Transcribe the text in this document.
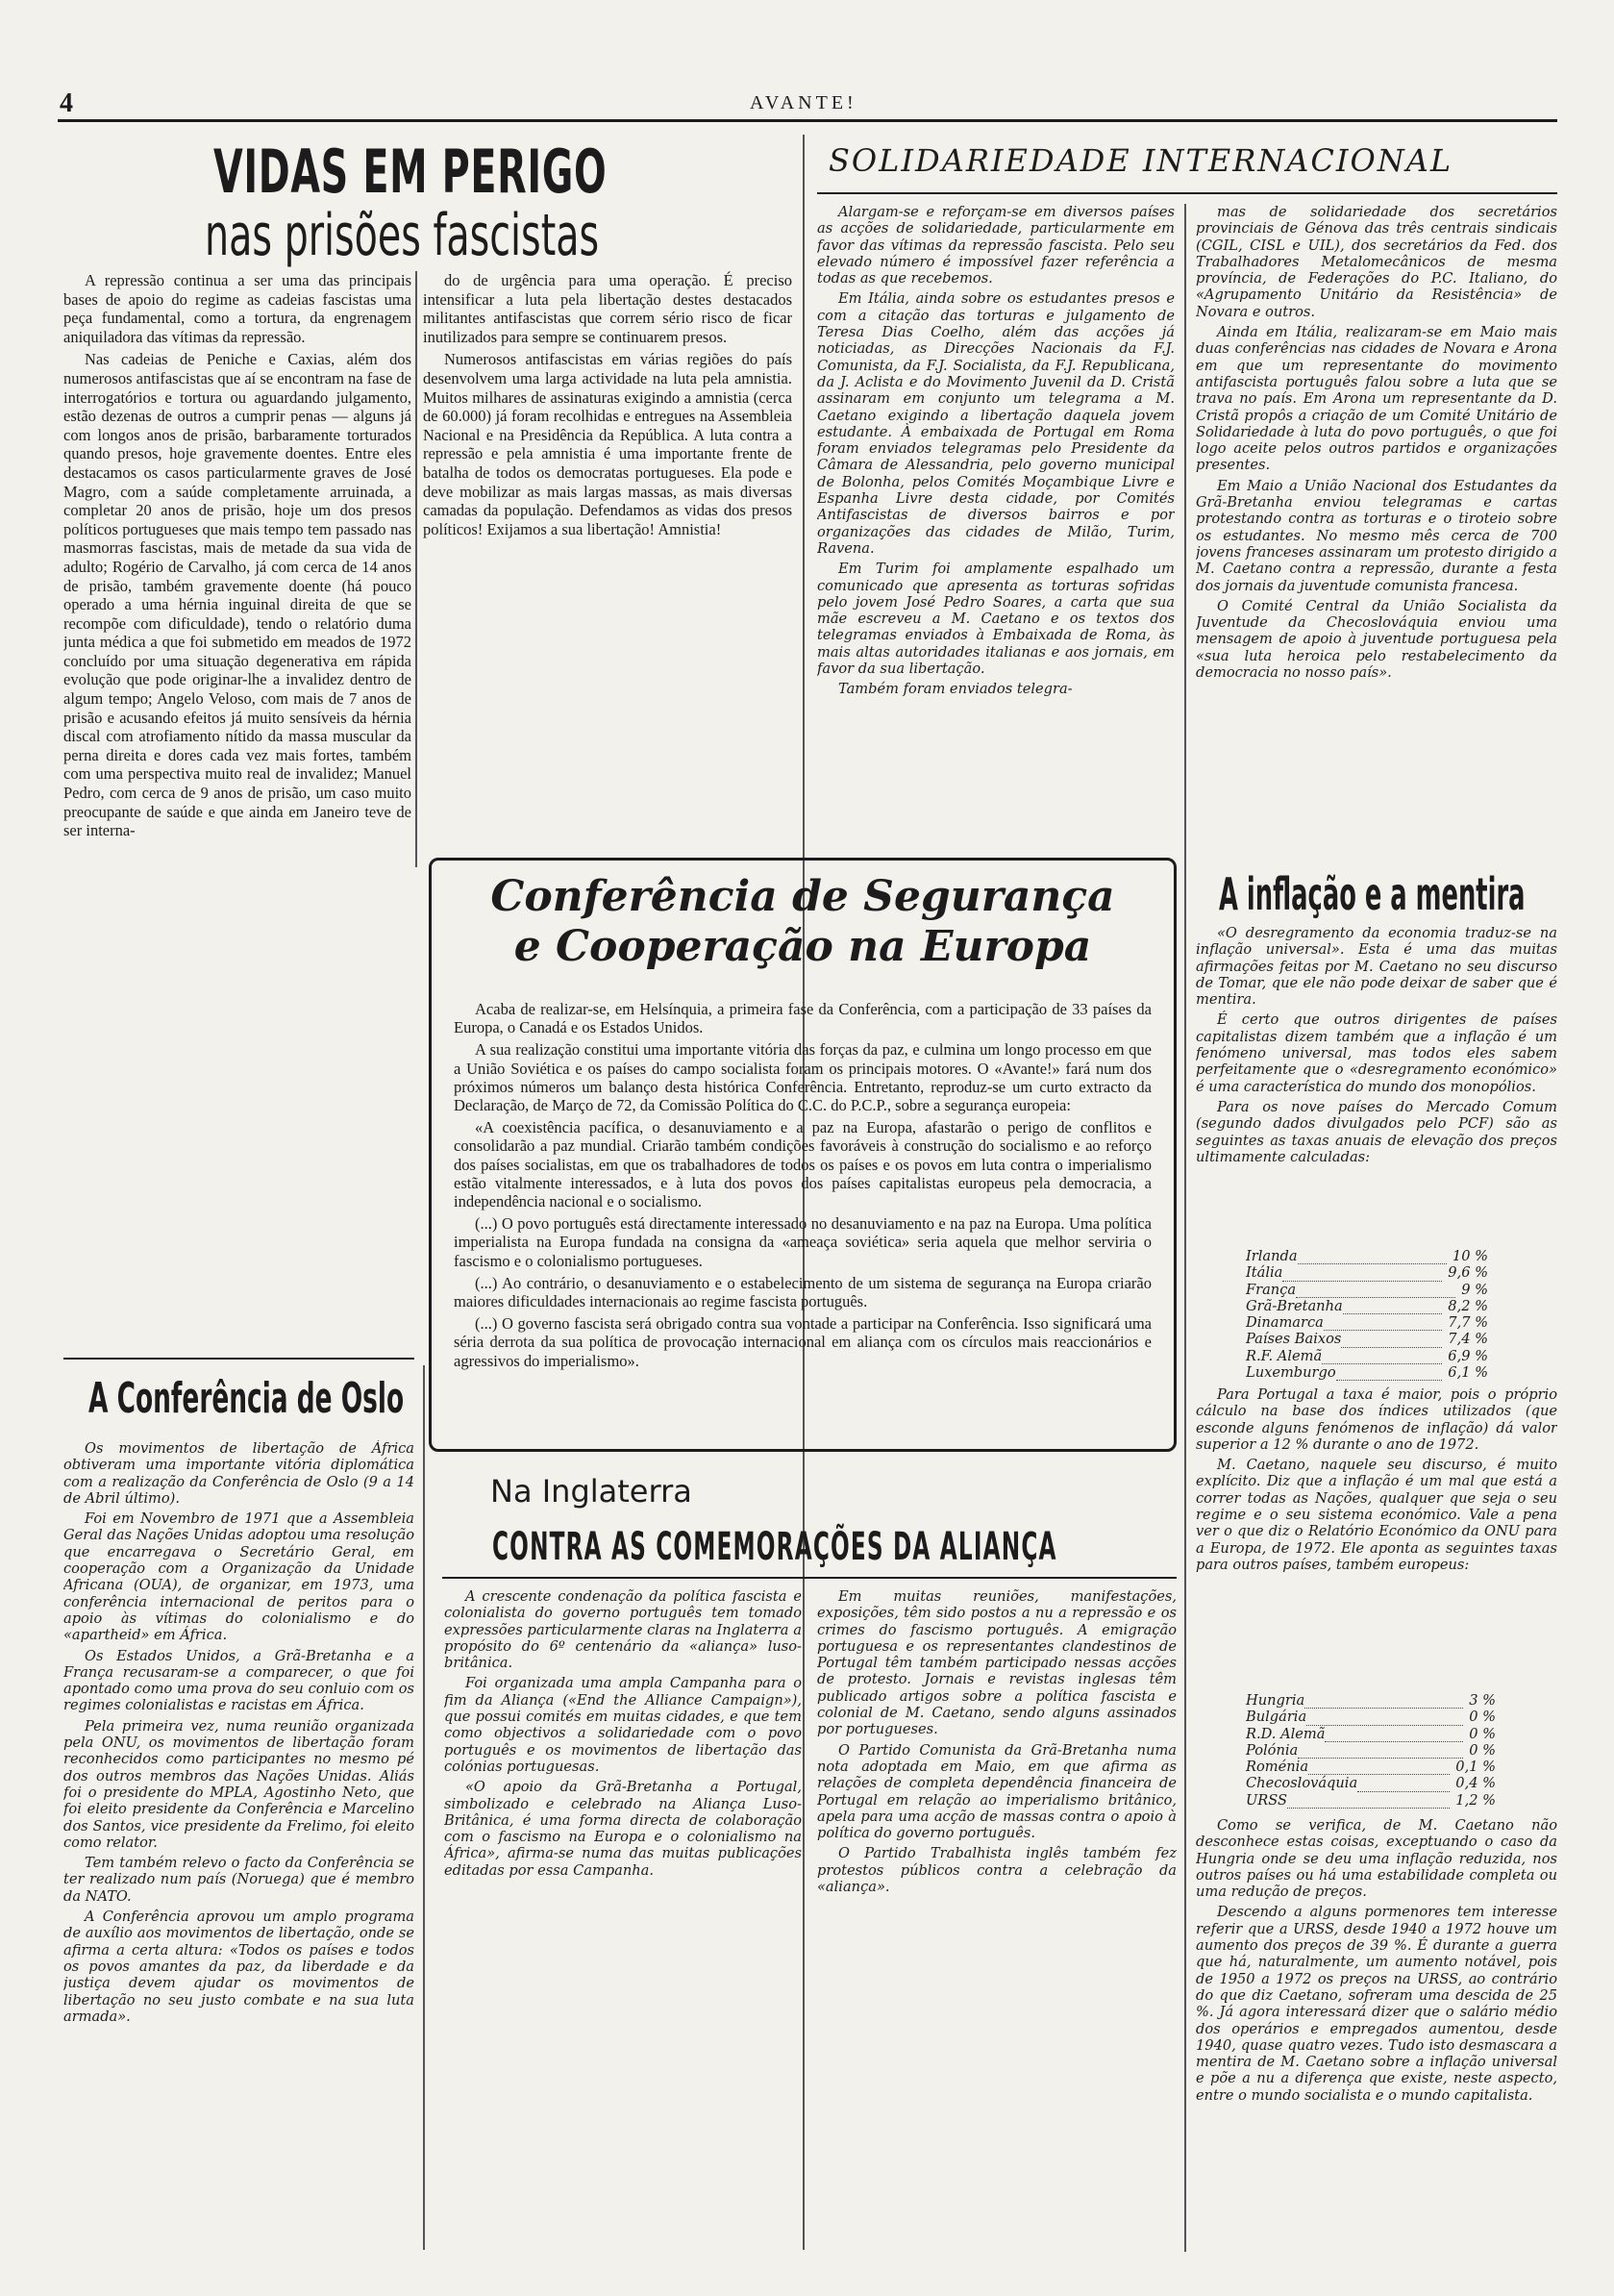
4	AVANTE!
VIDAS EM PERIGO
nas prisões fascistas

A repressão continua a ser uma das principais bases de apoio do regime as cadeias fascistas uma peça fundamental, como a tortura, da engrenagem aniquiladora das vítimas da repressão.

Nas cadeias de Peniche e Caxias, além dos numerosos antifascistas que aí se encontram na fase de interrogatórios e tortura ou aguardando julgamento, estão dezenas de outros a cumprir penas — alguns já com longos anos de prisão, barbaramente torturados quando presos, hoje gravemente doentes. Entre eles destacamos os casos particularmente graves de José Magro, com a saúde completamente arruinada, a completar 20 anos de prisão, hoje um dos presos políticos portugueses que mais tempo tem passado nas masmorras fascistas, mais de metade da sua vida de adulto; Rogério de Carvalho, já com cerca de 14 anos de prisão, também gravemente doente (há pouco operado a uma hérnia inguinal direita de que se recompõe com dificuldade), tendo o relatório duma junta médica a que foi submetido em meados de 1972 concluído por uma situação degenerativa em rápida evolução que pode originar-lhe a invalidez dentro de algum tempo; Angelo Veloso, com mais de 7 anos de prisão e acusando efeitos já muito sensíveis da hérnia discal com atrofiamento nítido da massa muscular da perna direita e dores cada vez mais fortes, também com uma perspectiva muito real de invalidez; Manuel Pedro, com cerca de 9 anos de prisão, um caso muito preocupante de saúde e que ainda em Janeiro teve de ser interna-

do de urgência para uma operação. É preciso intensificar a luta pela libertação destes destacados militantes antifascistas que correm sério risco de ficar inutilizados para sempre se continuarem presos.

Numerosos antifascistas em várias regiões do país desenvolvem uma larga actividade na luta pela amnistia. Muitos milhares de assinaturas exigindo a amnistia (cerca de 60.000) já foram recolhidas e entregues na Assembleia Nacional e na Presidência da República. A luta contra a repressão e pela amnistia é uma importante frente de batalha de todos os democratas portugueses. Ela pode e deve mobilizar as mais largas massas, as mais diversas camadas da população. Defendamos as vidas dos presos políticos! Exijamos a sua libertação! Amnistia!

A Conferência de Oslo

Os movimentos de libertação de África obtiveram uma importante vitória diplomática com a realização da Conferência de Oslo (9 a 14 de Abril último).

Foi em Novembro de 1971 que a Assembleia Geral das Nações Unidas adoptou uma resolução que encarregava o Secretário Geral, em cooperação com a Organização da Unidade Africana (OUA), de organizar, em 1973, uma conferência internacional de peritos para o apoio às vítimas do colonialismo e do «apartheid» em África.

Os Estados Unidos, a Grã-Bretanha e a França recusaram-se a comparecer, o que foi apontado como uma prova do seu conluio com os regimes colonialistas e racistas em África.

Pela primeira vez, numa reunião organizada pela ONU, os movimentos de libertação foram reconhecidos como participantes no mesmo pé dos outros membros das Nações Unidas. Aliás foi o presidente do MPLA, Agostinho Neto, que foi eleito presidente da Conferência e Marcelino dos Santos, vice presidente da Frelimo, foi eleito como relator.

Tem também relevo o facto da Conferência se ter realizado num país (Noruega) que é membro da NATO.

A Conferência aprovou um amplo programa de auxílio aos movimentos de libertação, onde se afirma a certa altura: «Todos os países e todos os povos amantes da paz, da liberdade e da justiça devem ajudar os movimentos de libertação no seu justo combate e na sua luta armada».

SOLIDARIEDADE INTERNACIONAL

Alargam-se e reforçam-se em diversos países as acções de solidariedade, particularmente em favor das vítimas da repressão fascista. Pelo seu elevado número é impossível fazer referência a todas as que recebemos.

Em Itália, ainda sobre os estudantes presos e com a citação das torturas e julgamento de Teresa Dias Coelho, além das acções já noticiadas, as Direcções Nacionais da F.J. Comunista, da F.J. Socialista, da F.J. Republicana, da J. Aclista e do Movimento Juvenil da D. Cristã assinaram em conjunto um telegrama a M. Caetano exigindo a libertação daquela jovem estudante. À embaixada de Portugal em Roma foram enviados telegramas pelo Presidente da Câmara de Alessandria, pelo governo municipal de Bolonha, pelos Comités Moçambique Livre e Espanha Livre desta cidade, por Comités Antifascistas de diversos bairros e por organizações das cidades de Milão, Turim, Ravena.

Em Turim foi amplamente espalhado um comunicado que apresenta as torturas sofridas pelo jovem José Pedro Soares, a carta que sua mãe escreveu a M. Caetano e os textos dos telegramas enviados à Embaixada de Roma, às mais altas autoridades italianas e aos jornais, em favor da sua libertação.

Também foram enviados telegra-

mas de solidariedade dos secretários provinciais de Génova das três centrais sindicais (CGIL, CISL e UIL), dos secretários da Fed. dos Trabalhadores Metalomecânicos de mesma província, de Federações do P.C. Italiano, do «Agrupamento Unitário da Resistência» de Novara e outros.

Ainda em Itália, realizaram-se em Maio mais duas conferências nas cidades de Novara e Arona em que um representante do movimento antifascista português falou sobre a luta que se trava no país. Em Arona um representante da D. Cristã propôs a criação de um Comité Unitário de Solidariedade à luta do povo português, o que foi logo aceite pelos outros partidos e organizações presentes.

Em Maio a União Nacional dos Estudantes da Grã-Bretanha enviou telegramas e cartas protestando contra as torturas e o tiroteio sobre os estudantes. No mesmo mês cerca de 700 jovens franceses assinaram um protesto dirigido a M. Caetano contra a repressão, durante a festa dos jornais da juventude comunista francesa.

O Comité Central da União Socialista da Juventude da Checoslováquia enviou uma mensagem de apoio à juventude portuguesa pela «sua luta heroica pelo restabelecimento da democracia no nosso país».

Conferência de Segurança
e Cooperação na Europa

Acaba de realizar-se, em Helsínquia, a primeira fase da Conferência, com a participação de 33 países da Europa, o Canadá e os Estados Unidos.

A sua realização constitui uma importante vitória das forças da paz, e culmina um longo processo em que a União Soviética e os países do campo socialista foram os principais motores. O «Avante!» fará num dos próximos números um balanço desta histórica Conferência. Entretanto, reproduz-se um curto extracto da Declaração, de Março de 72, da Comissão Política do C.C. do P.C.P., sobre a segurança europeia:

«A coexistência pacífica, o desanuviamento e a paz na Europa, afastarão o perigo de conflitos e consolidarão a paz mundial. Criarão também condições favoráveis à construção do socialismo e ao reforço dos países socialistas, em que os trabalhadores de todos os países e os povos em luta contra o imperialismo estão vitalmente interessados, e à luta dos povos dos países capitalistas europeus pela democracia, a independência nacional e o socialismo.

(...) O povo português está directamente interessado no desanuviamento e na paz na Europa. Uma política imperialista na Europa fundada na consigna da «ameaça soviética» seria aquela que melhor serviria o fascismo e o colonialismo portugueses.

(...) Ao contrário, o desanuviamento e o estabelecimento de um sistema de segurança na Europa criarão maiores dificuldades internacionais ao regime fascista português.

(...) O governo fascista será obrigado contra sua vontade a participar na Conferência. Isso significará uma séria derrota da sua política de provocação internacional em aliança com os círculos mais reaccionários e agressivos do imperialismo».

A inflação e a mentira

«O desregramento da economia traduz-se na inflação universal». Esta é uma das muitas afirmações feitas por M. Caetano no seu discurso de Tomar, que ele não pode deixar de saber que é mentira.

É certo que outros dirigentes de países capitalistas dizem também que a inflação é um fenómeno universal, mas todos eles sabem perfeitamente que o «desregramento económico» é uma característica do mundo dos monopólios.

Para os nove países do Mercado Comum (segundo dados divulgados pelo PCF) são as seguintes as taxas anuais de elevação dos preços ultimamente calculadas:

Irlanda	10 %
Itália	9,6 %
França	9 %
Grã-Bretanha	8,2 %
Dinamarca	7,7 %
Países Baixos	7,4 %
R.F. Alemã	6,9 %
Luxemburgo	6,1 %

Para Portugal a taxa é maior, pois o próprio cálculo na base dos índices utilizados (que esconde alguns fenómenos de inflação) dá valor superior a 12 % durante o ano de 1972.

M. Caetano, naquele seu discurso, é muito explícito. Diz que a inflação é um mal que está a correr todas as Nações, qualquer que seja o seu regime e o seu sistema económico. Vale a pena ver o que diz o Relatório Económico da ONU para a Europa, de 1972. Ele aponta as seguintes taxas para outros países, também europeus:

Hungria	3 %
Bulgária	0 %
R.D. Alemã	0 %
Polónia	0 %
Roménia	0,1 %
Checoslováquia	0,4 %
URSS	1,2 %

Como se verifica, de M. Caetano não desconhece estas coisas, exceptuando o caso da Hungria onde se deu uma inflação reduzida, nos outros países ou há uma estabilidade completa ou uma redução de preços.

Descendo a alguns pormenores tem interesse referir que a URSS, desde 1940 a 1972 houve um aumento dos preços de 39 %. É durante a guerra que há, naturalmente, um aumento notável, pois de 1950 a 1972 os preços na URSS, ao contrário do que diz Caetano, sofreram uma descida de 25 %. Já agora interessará dizer que o salário médio dos operários e empregados aumentou, desde 1940, quase quatro vezes. Tudo isto desmascara a mentira de M. Caetano sobre a inflação universal e põe a nu a diferença que existe, neste aspecto, entre o mundo socialista e o mundo capitalista.

Na Inglaterra
CONTRA AS COMEMORAÇÕES DA ALIANÇA

A crescente condenação da política fascista e colonialista do governo português tem tomado expressões particularmente claras na Inglaterra a propósito do 6º centenário da «aliança» luso-britânica.

Foi organizada uma ampla Campanha para o fim da Aliança («End the Alliance Campaign»), que possui comités em muitas cidades, e que tem como objectivos a solidariedade com o povo português e os movimentos de libertação das colónias portuguesas.

«O apoio da Grã-Bretanha a Portugal, simbolizado e celebrado na Aliança Luso-Britânica, é uma forma directa de colaboração com o fascismo na Europa e o colonialismo na África», afirma-se numa das muitas publicações editadas por essa Campanha.

Em muitas reuniões, manifestações, exposições, têm sido postos a nu a repressão e os crimes do fascismo português. A emigração portuguesa e os representantes clandestinos de Portugal têm também participado nessas acções de protesto. Jornais e revistas inglesas têm publicado artigos sobre a política fascista e colonial de M. Caetano, sendo alguns assinados por portugueses.

O Partido Comunista da Grã-Bretanha numa nota adoptada em Maio, em que afirma as relações de completa dependência financeira de Portugal em relação ao imperialismo britânico, apela para uma acção de massas contra o apoio à política do governo português.

O Partido Trabalhista inglês também fez protestos públicos contra a celebração da «aliança».
